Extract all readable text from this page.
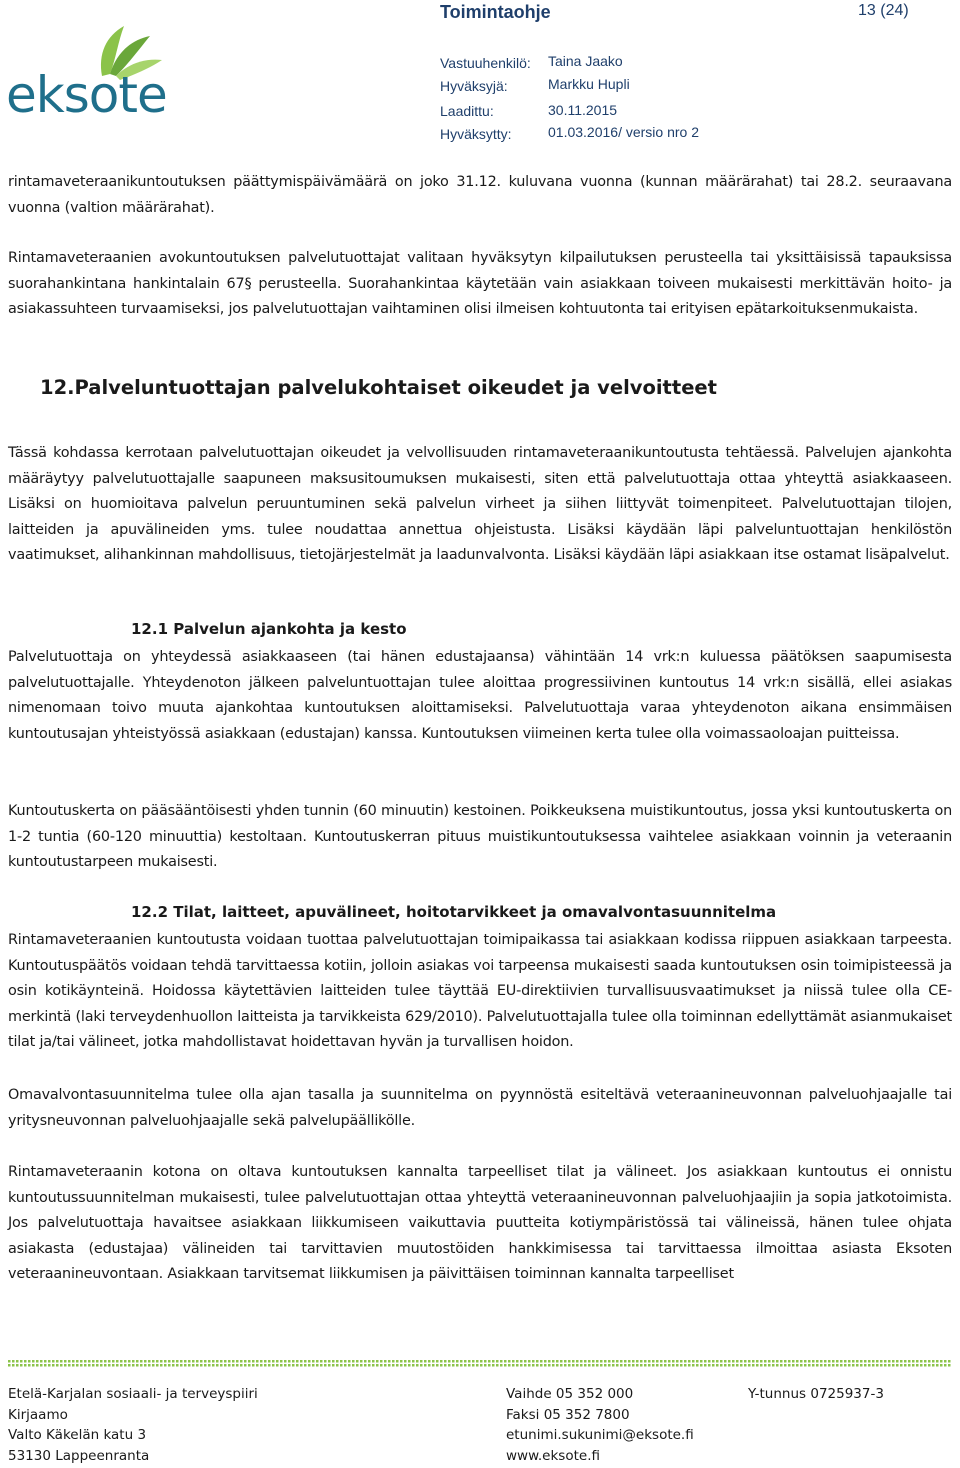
eksote
Toimintaohje	13 (24)
Vastuuhenkilö: Taina Jaako
Hyväksyjä:	Markku Hupli
Laadittu:	30.11.2015
Hyväksytty:	01.03.2016/ versio nro 2

rintamaveteraanikuntoutuksen päättymispäivämäärä on joko 31.12. kuluvana vuonna (kunnan määrärahat) tai 28.2. seuraavana vuonna (valtion määrärahat).

Rintamaveteraanien avokuntoutuksen palvelutuottajat valitaan hyväksytyn kilpailutuksen perusteella tai yksittäisissä tapauksissa suorahankintana hankintalain 67§ perusteella. Suorahankintaa käytetään vain asiakkaan toiveen mukaisesti merkittävän hoito- ja asiakassuhteen turvaamiseksi, jos palvelutuottajan vaihtaminen olisi ilmeisen kohtuutonta tai erityisen epätarkoituksenmukaista.

12.Palveluntuottajan palvelukohtaiset oikeudet ja velvoitteet

Tässä kohdassa kerrotaan palvelutuottajan oikeudet ja velvollisuuden rintamaveteraanikuntoutusta tehtäessä. Palvelujen ajankohta määräytyy palvelutuottajalle saapuneen maksusitoumuksen mukaisesti, siten että palvelutuottaja ottaa yhteyttä asiakkaaseen. Lisäksi on huomioitava palvelun peruuntuminen sekä palvelun virheet ja siihen liittyvät toimenpiteet. Palvelutuottajan tilojen, laitteiden ja apuvälineiden yms. tulee noudattaa annettua ohjeistusta. Lisäksi käydään läpi palveluntuottajan henkilöstön vaatimukset, alihankinnan mahdollisuus, tietojärjestelmät ja laadunvalvonta. Lisäksi käydään läpi asiakkaan itse ostamat lisäpalvelut.

12.1 Palvelun ajankohta ja kesto

Palvelutuottaja on yhteydessä asiakkaaseen (tai hänen edustajaansa) vähintään 14 vrk:n kuluessa päätöksen saapumisesta palvelutuottajalle. Yhteydenoton jälkeen palveluntuottajan tulee aloittaa progressiivinen kuntoutus 14 vrk:n sisällä, ellei asiakas nimenomaan toivo muuta ajankohtaa kuntoutuksen aloittamiseksi. Palvelutuottaja varaa yhteydenoton aikana ensimmäisen kuntoutusajan yhteistyössä asiakkaan (edustajan) kanssa. Kuntoutuksen viimeinen kerta tulee olla voimassaoloajan puitteissa.

Kuntoutuskerta on pääsääntöisesti yhden tunnin (60 minuutin) kestoinen. Poikkeuksena muistikuntoutus, jossa yksi kuntoutuskerta on 1-2 tuntia (60-120 minuuttia) kestoltaan. Kuntoutuskerran pituus muistikuntoutuksessa vaihtelee asiakkaan voinnin ja veteraanin kuntoutustarpeen mukaisesti.

12.2 Tilat, laitteet, apuvälineet, hoitotarvikkeet ja omavalvontasuunnitelma

Rintamaveteraanien kuntoutusta voidaan tuottaa palvelutuottajan toimipaikassa tai asiakkaan kodissa riippuen asiakkaan tarpeesta. Kuntoutuspäätös voidaan tehdä tarvittaessa kotiin, jolloin asiakas voi tarpeensa mukaisesti saada kuntoutuksen osin toimipisteessä ja osin kotikäynteinä. Hoidossa käytettävien laitteiden tulee täyttää EU-direktiivien turvallisuusvaatimukset ja niissä tulee olla CE-merkintä (laki terveydenhuollon laitteista ja tarvikkeista 629/2010). Palvelutuottajalla tulee olla toiminnan edellyttämät asianmukaiset tilat ja/tai välineet, jotka mahdollistavat hoidettavan hyvän ja turvallisen hoidon.

Omavalvontasuunnitelma tulee olla ajan tasalla ja suunnitelma on pyynnöstä esiteltävä veteraanineuvonnan palveluohjaajalle tai yritysneuvonnan palveluohjaajalle sekä palvelupäällikölle.

Rintamaveteraanin kotona on oltava kuntoutuksen kannalta tarpeelliset tilat ja välineet. Jos asiakkaan kuntoutus ei onnistu kuntoutussuunnitelman mukaisesti, tulee palvelutuottajan ottaa yhteyttä veteraanineuvonnan palveluohjaajiin ja sopia jatkotoimista. Jos palvelutuottaja havaitsee asiakkaan liikkumiseen vaikuttavia puutteita kotiympäristössä tai välineissä, hänen tulee ohjata asiakasta (edustajaa) välineiden tai tarvittavien muutostöiden hankkimisessa tai tarvittaessa ilmoittaa asiasta Eksoten veteraanineuvontaan. Asiakkaan tarvitsemat liikkumisen ja päivittäisen toiminnan kannalta tarpeelliset

Etelä-Karjalan sosiaali- ja terveyspiiri
Kirjaamo
Valto Käkelän katu 3
53130 Lappeenranta
Vaihde 05 352 000
Faksi 05 352 7800
etunimi.sukunimi@eksote.fi
www.eksote.fi
Y-tunnus 0725937-3
